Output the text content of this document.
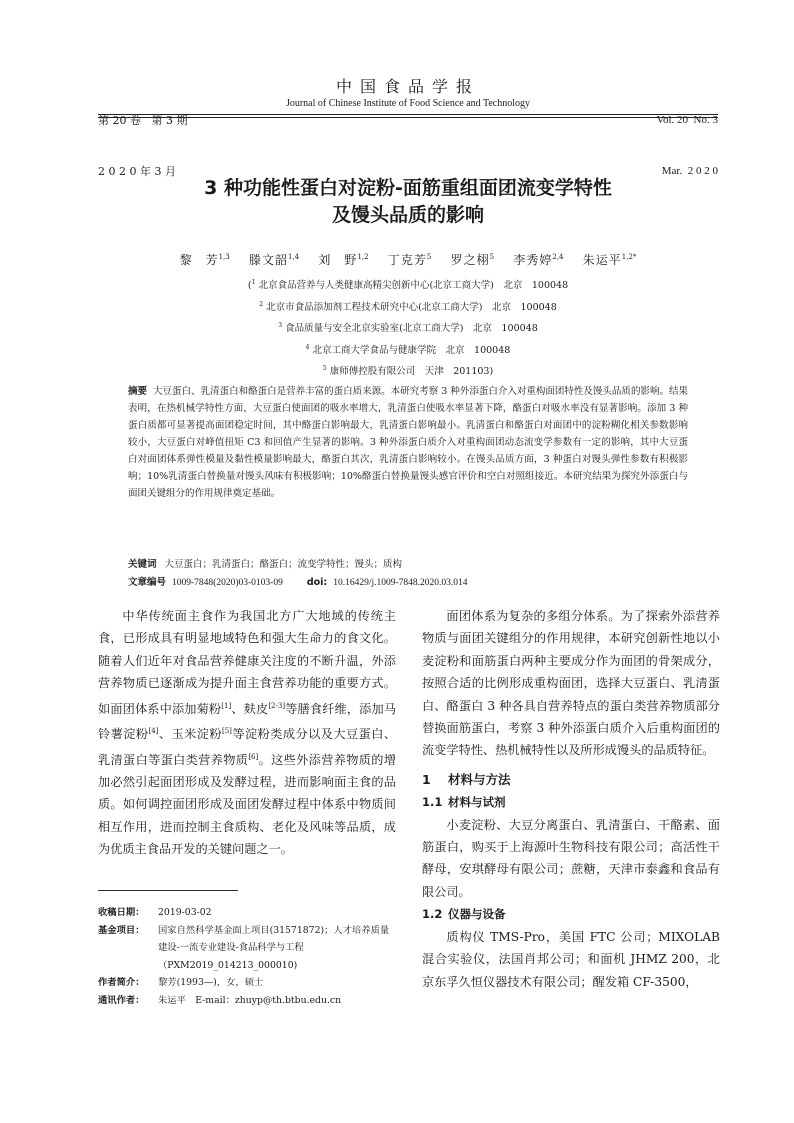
第 20 卷   第 3 期

2 0 2 0 年 3 月

中国食品学报
Journal of Chinese Institute of Food Science and Technology

Vol. 20  No. 3

Mar.  2 0 2 0

3 种功能性蛋白对淀粉-面筋重组面团流变学特性
及馒头品质的影响
黎　芳$^{1,3}$ 滕文韶$^{1,4}$ 刘　野$^{1,2}$ 丁克芳$^5$ 罗之栩$^5$ 李秀婷$^{2,4}$ 朱运平$^{1,2*}$
($^1$ 北京食品营养与人类健康高精尖创新中心(北京工商大学)　北京　100048
$^2$ 北京市食品添加剂工程技术研究中心(北京工商大学)　北京　100048
$^3$ 食品质量与安全北京实验室(北京工商大学)　北京　100048
$^4$ 北京工商大学食品与健康学院　北京　100048
$^5$ 康师傅控股有限公司　天津　201103)
摘要 大豆蛋白、乳清蛋白和酪蛋白是营养丰富的蛋白质来源。本研究考察 3 种外添蛋白介入对重构面团特性及馒头品质的影响。结果表明，在热机械学特性方面，大豆蛋白使面团的吸水率增大，乳清蛋白使吸水率显著下降，酪蛋白对吸水率没有显著影响。添加 3 种蛋白质都可显著提高面团稳定时间，其中酪蛋白影响最大，乳清蛋白影响最小。乳清蛋白和酪蛋白对面团中的淀粉糊化相关参数影响较小，大豆蛋白对峰值扭矩 C3 和回值产生显著的影响。3 种外添蛋白质介入对重构面团动态流变学参数有一定的影响，其中大豆蛋白对面团体系弹性模量及黏性模量影响最大，酪蛋白其次，乳清蛋白影响较小。在馒头品质方面，3 种蛋白对馒头弹性参数有积极影响；10%乳清蛋白替换量对馒头风味有积极影响；10%酪蛋白替换量馒头感官评价和空白对照组接近。本研究结果为探究外添蛋白与面团关键组分的作用规律奠定基础。
关键词 大豆蛋白；乳清蛋白；酪蛋白；流变学特性；馒头；质构
文章编号 1009-7848(2020)03-0103-09	doi: 10.16429/j.1009-7848.2020.03.014

中华传统面主食作为我国北方广大地域的传统主食，已形成具有明显地域特色和强大生命力的食文化。随着人们近年对食品营养健康关注度的不断升温，外添营养物质已逐渐成为提升面主食营养功能的重要方式。如面团体系中添加菊粉[1]、麸皮[2-3]等膳食纤维，添加马铃薯淀粉[4]、玉米淀粉[5]等淀粉类成分以及大豆蛋白、乳清蛋白等蛋白类营养物质[6]。这些外添营养物质的增加必然引起面团形成及发酵过程，进而影响面主食的品质。如何调控面团形成及面团发酵过程中体系中物质间相互作用，进而控制主食质构、老化及风味等品质，成为优质主食品开发的关键问题之一。

面团体系为复杂的多组分体系。为了探索外添营养物质与面团关键组分的作用规律，本研究创新性地以小麦淀粉和面筋蛋白两种主要成分作为面团的骨架成分，按照合适的比例形成重构面团，选择大豆蛋白、乳清蛋白、酪蛋白 3 种各具自营养特点的蛋白类营养物质部分替换面筋蛋白，考察 3 种外添蛋白质介入后重构面团的流变学特性、热机械特性以及所形成馒头的品质特征。

1 材料与方法
1.1 材料与试剂

小麦淀粉、大豆分离蛋白、乳清蛋白、干酪素、面筋蛋白，购买于上海源叶生物科技有限公司；高活性干酵母，安琪酵母有限公司；蔗糖，天津市泰鑫和食品有限公司。

1.2 仪器与设备

质构仪 TMS-Pro，美国 FTC 公司；MIXOLAB 混合实验仪，法国肖邦公司；和面机 JHMZ 200，北京东孚久恒仪器技术有限公司；醒发箱 CF-3500，

收稿日期：	2019-03-02
基金项目：	国家自然科学基金面上项目(31571872)；人才培养质量建设-一流专业建设-食品科学与工程（PXM2019_014213_000010)
作者简介：	黎芳(1993—)，女，硕士
通讯作者：	朱运平　E-mail：zhuyp@th.btbu.edu.cn
